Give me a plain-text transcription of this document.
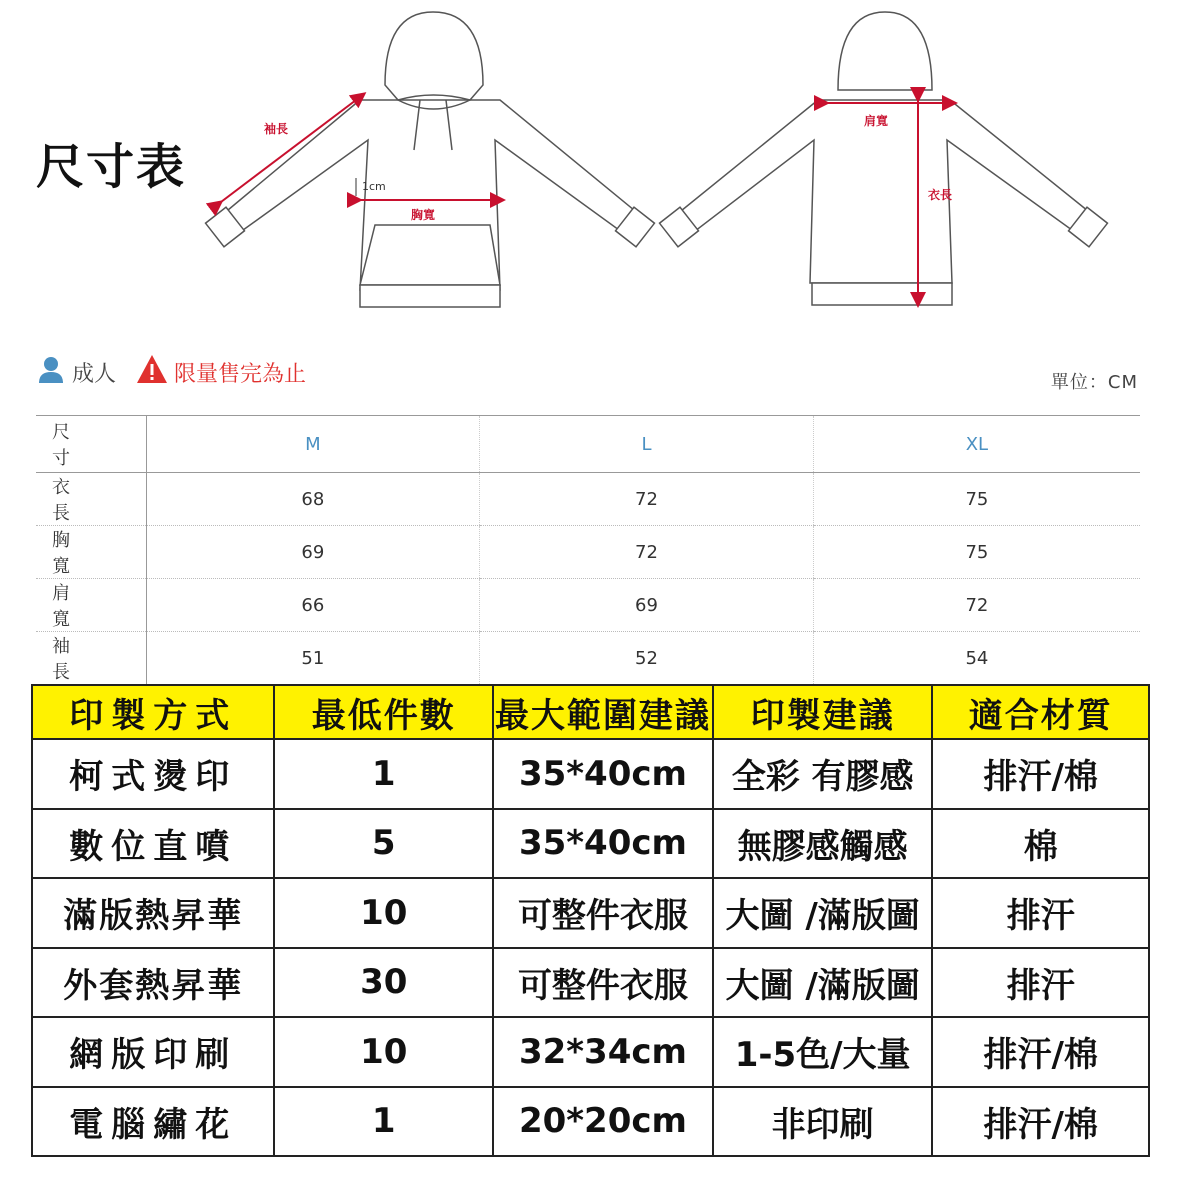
尺寸表
袖長
1cm
胸寬
肩寬
衣長
成人	限量售完為止	單位：CM
尺 寸	M	L	XL
衣 長	68	72	75
胸 寬	69	72	75
肩 寬	66	69	72
袖 長	51	52	54
印製方式	最低件數	最大範圍建議	印製建議	適合材質
柯式燙印	1	35*40cm	全彩 有膠感	排汗/棉
數位直噴	5	35*40cm	無膠感觸感	棉
滿版熱昇華	10	可整件衣服	大圖 /滿版圖	排汗
外套熱昇華	30	可整件衣服	大圖 /滿版圖	排汗
網版印刷	10	32*34cm	1-5色/大量	排汗/棉
電腦繡花	1	20*20cm	非印刷	排汗/棉
